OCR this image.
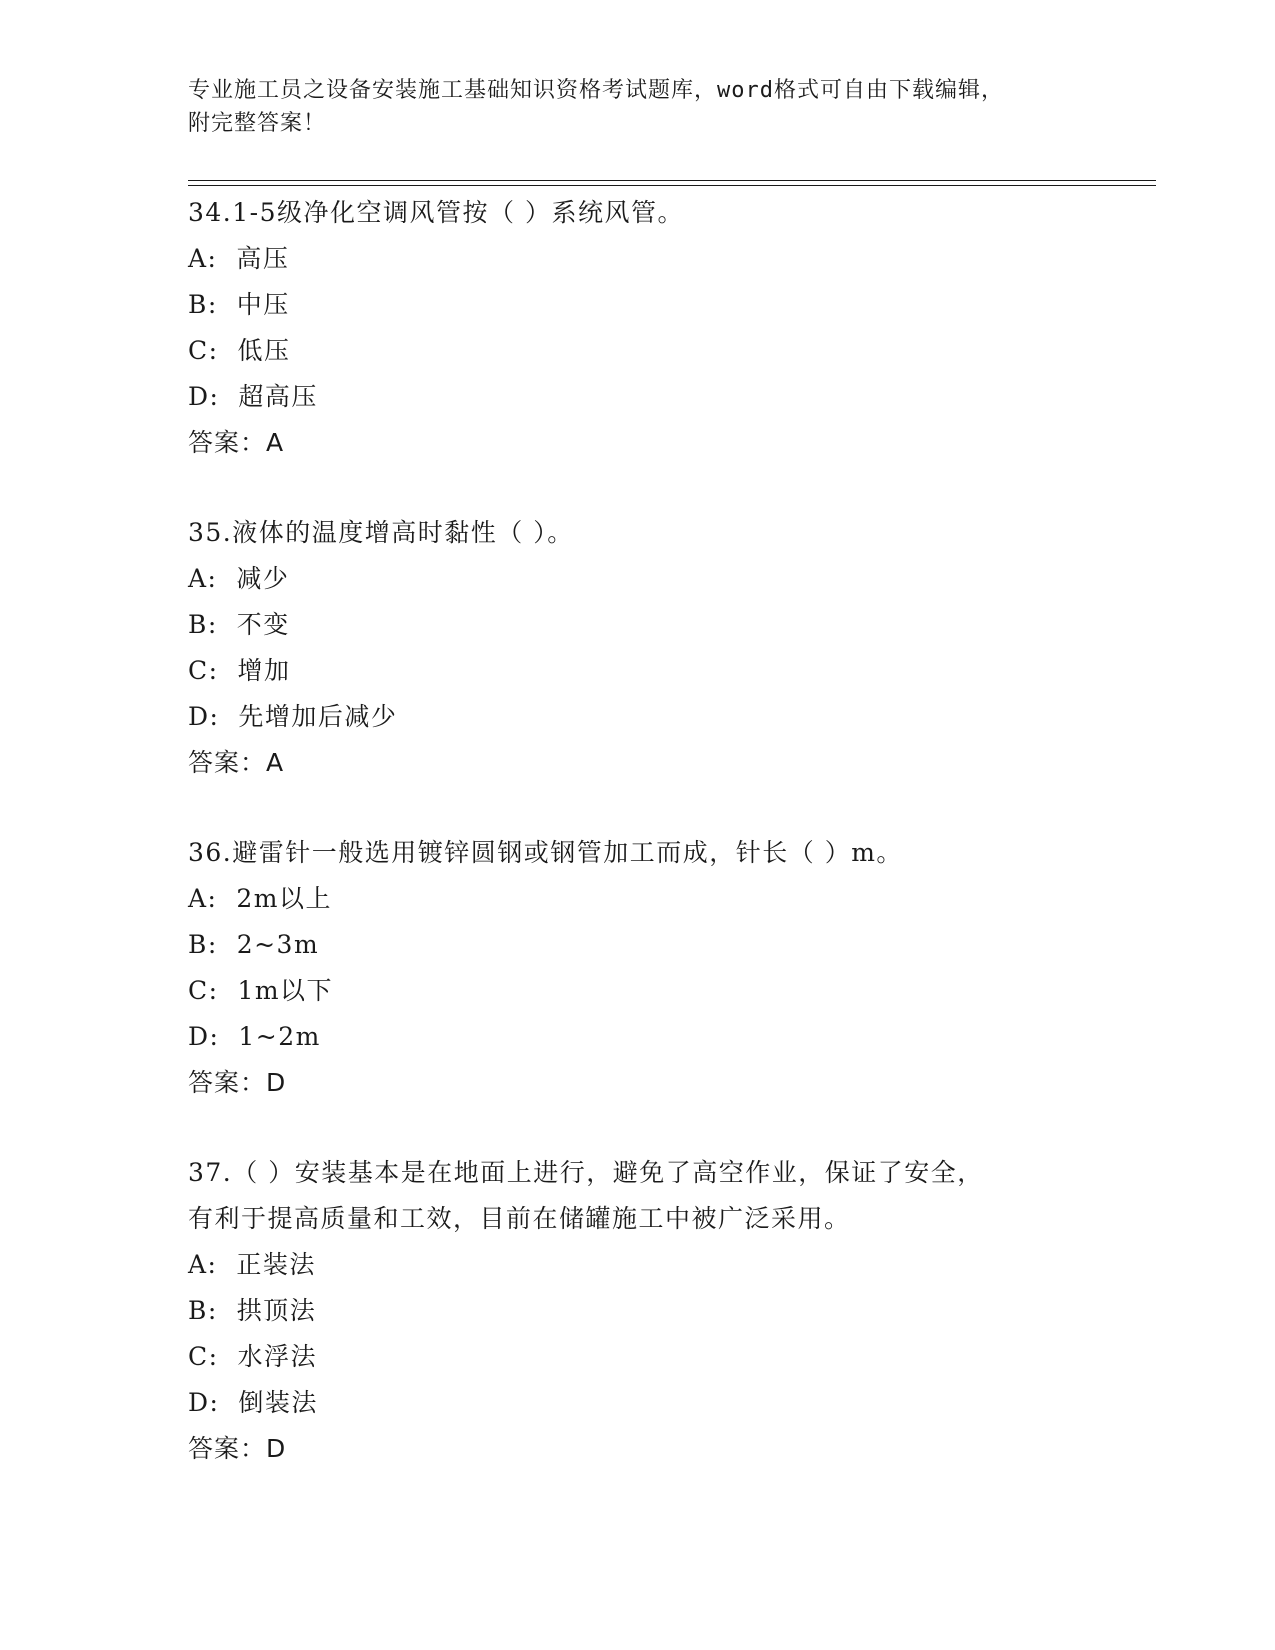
专业施工员之设备安装施工基础知识资格考试题库，word格式可自由下载编辑，
附完整答案！
34.1-5级净化空调风管按（ ）系统风管。
A:  高压
B:  中压
C:  低压
D:  超高压
答案：A
35.液体的温度增高时黏性（ ）。
A:  减少
B:  不变
C:  增加
D:  先增加后减少
答案：A
36.避雷针一般选用镀锌圆钢或钢管加工而成，针长（ ）m。
A:  2m以上
B:  2~3m
C:  1m以下
D:  1~2m
答案：D
37.（ ）安装基本是在地面上进行，避免了高空作业，保证了安全，
有利于提高质量和工效，目前在储罐施工中被广泛采用。
A:  正装法
B:  拱顶法
C:  水浮法
D:  倒装法
答案：D
